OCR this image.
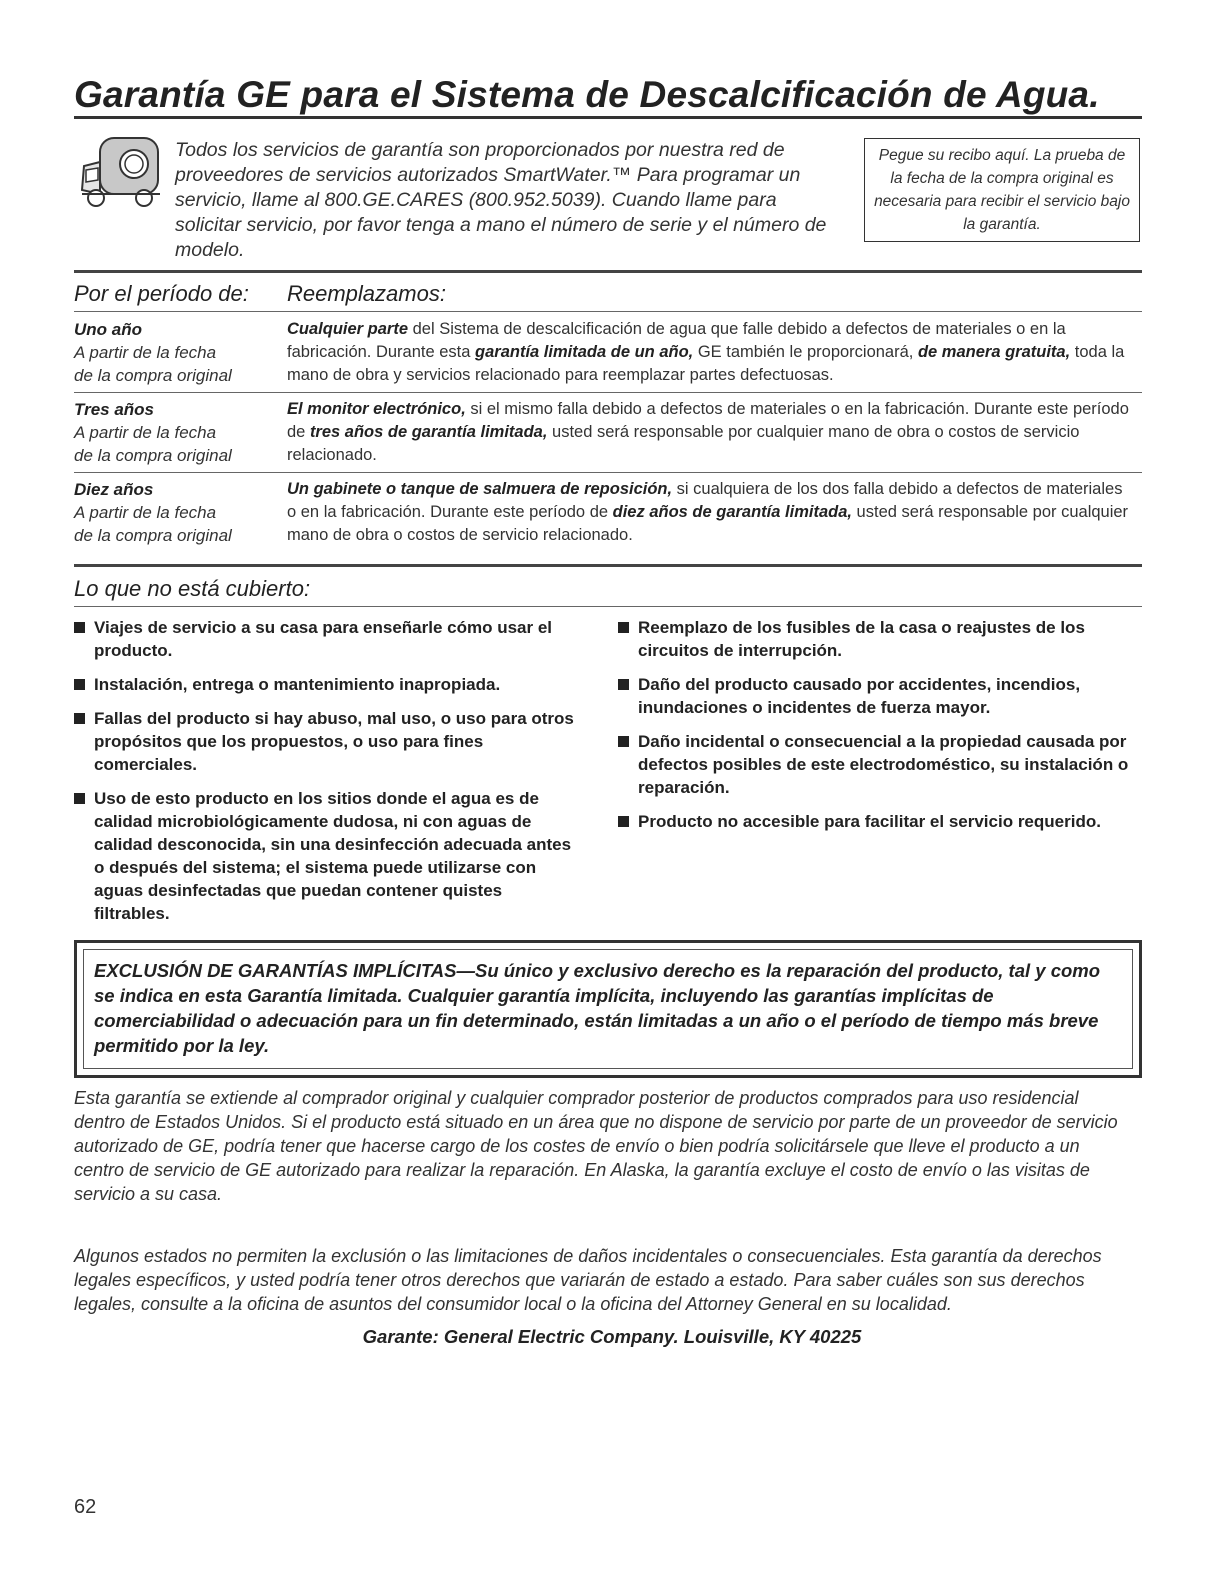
Garantía GE para el Sistema de Descalcificación de Agua.

Todos los servicios de garantía son proporcionados por nuestra red de proveedores de servicios autorizados SmartWater.™ Para programar un servicio, llame al 800.GE.CARES (800.952.5039). Cuando llame para solicitar servicio, por favor tenga a mano el número de serie y el número de modelo.

Pegue su recibo aquí. La prueba de la fecha de la compra original es necesaria para recibir el servicio bajo la garantía.

Por el período de: Reemplazamos:

Uno año
A partir de la fecha
de la compra original

Cualquier parte del Sistema de descalcificación de agua que falle debido a defectos de materiales o en la fabricación. Durante esta garantía limitada de un año, GE también le proporcionará, de manera gratuita, toda la mano de obra y servicios relacionado para reemplazar partes defectuosas.

Tres años
A partir de la fecha
de la compra original

El monitor electrónico, si el mismo falla debido a defectos de materiales o en la fabricación. Durante este período de tres años de garantía limitada, usted será responsable por cualquier mano de obra o costos de servicio relacionado.

Diez años
A partir de la fecha
de la compra original

Un gabinete o tanque de salmuera de reposición, si cualquiera de los dos falla debido a defectos de materiales o en la fabricación. Durante este período de diez años de garantía limitada, usted será responsable por cualquier mano de obra o costos de servicio relacionado.

Lo que no está cubierto:

Viajes de servicio a su casa para enseñarle cómo usar el producto.
Instalación, entrega o mantenimiento inapropiada.
Fallas del producto si hay abuso, mal uso, o uso para otros propósitos que los propuestos, o uso para fines comerciales.
Uso de esto producto en los sitios donde el agua es de calidad microbiológicamente dudosa, ni con aguas de calidad desconocida, sin una desinfección adecuada antes o después del sistema; el sistema puede utilizarse con aguas desinfectadas que puedan contener quistes filtrables.
Reemplazo de los fusibles de la casa o reajustes de los circuitos de interrupción.
Daño del producto causado por accidentes, incendios, inundaciones o incidentes de fuerza mayor.
Daño incidental o consecuencial a la propiedad causada por defectos posibles de este electrodoméstico, su instalación o reparación.
Producto no accesible para facilitar el servicio requerido.

EXCLUSIÓN DE GARANTÍAS IMPLÍCITAS—Su único y exclusivo derecho es la reparación del producto, tal y como se indica en esta Garantía limitada. Cualquier garantía implícita, incluyendo las garantías implícitas de comerciabilidad o adecuación para un fin determinado, están limitadas a un año o el período de tiempo más breve permitido por la ley.

Esta garantía se extiende al comprador original y cualquier comprador posterior de productos comprados para uso residencial dentro de Estados Unidos. Si el producto está situado en un área que no dispone de servicio por parte de un proveedor de servicio autorizado de GE, podría tener que hacerse cargo de los costes de envío o bien podría solicitársele que lleve el producto a un centro de servicio de GE autorizado para realizar la reparación. En Alaska, la garantía excluye el costo de envío o las visitas de servicio a su casa.

Algunos estados no permiten la exclusión o las limitaciones de daños incidentales o consecuenciales. Esta garantía da derechos legales específicos, y usted podría tener otros derechos que variarán de estado a estado. Para saber cuáles son sus derechos legales, consulte a la oficina de asuntos del consumidor local o la oficina del Attorney General en su localidad.

Garante: General Electric Company. Louisville, KY 40225

62
